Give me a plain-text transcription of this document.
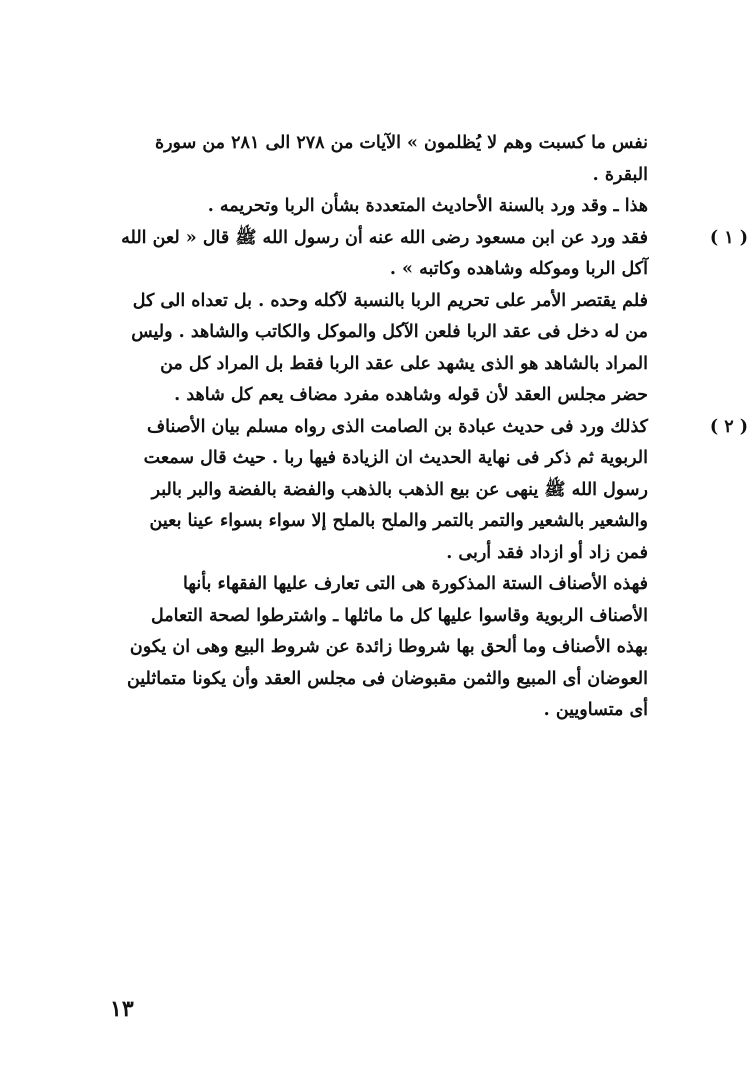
نفس ما كسبت وهم لا يُظلمون » الآيات من ٢٧٨ الى ٢٨١ من سورة
البقرة .
هذا ـ وقد ورد بالسنة الأحاديث المتعددة بشأن الربا وتحريمه .
( ١ )
فقد ورد عن ابن مسعود رضى الله عنه أن رسول الله ﷺ قال « لعن الله
آكل الربا وموكله وشاهده وكاتبه » .
فلم يقتصر الأمر على تحريم الربا بالنسبة لآكله وحده . بل تعداه الى كل
من له دخل فى عقد الربا فلعن الآكل والموكل والكاتب والشاهد . وليس
المراد بالشاهد هو الذى يشهد على عقد الربا فقط بل المراد كل من
حضر مجلس العقد لأن قوله وشاهده مفرد مضاف يعم كل شاهد .
( ٢ )
كذلك ورد فى حديث عبادة بن الصامت الذى رواه مسلم بيان الأصناف
الربوية ثم ذكر فى نهاية الحديث ان الزيادة فيها ربا . حيث قال سمعت
رسول الله ﷺ ينهى عن بيع الذهب بالذهب والفضة بالفضة والبر بالبر
والشعير بالشعير والتمر بالتمر والملح بالملح إلا سواء بسواء عينا بعين
فمن زاد أو ازداد فقد أربى .
فهذه الأصناف الستة المذكورة هى التى تعارف عليها الفقهاء بأنها
الأصناف الربوية وقاسوا عليها كل ما ماثلها ـ واشترطوا لصحة التعامل
بهذه الأصناف وما ألحق بها شروطا زائدة عن شروط البيع وهى ان يكون
العوضان أى المبيع والثمن مقبوضان فى مجلس العقد وأن يكونا متماثلين
أى متساويين .
١٣
